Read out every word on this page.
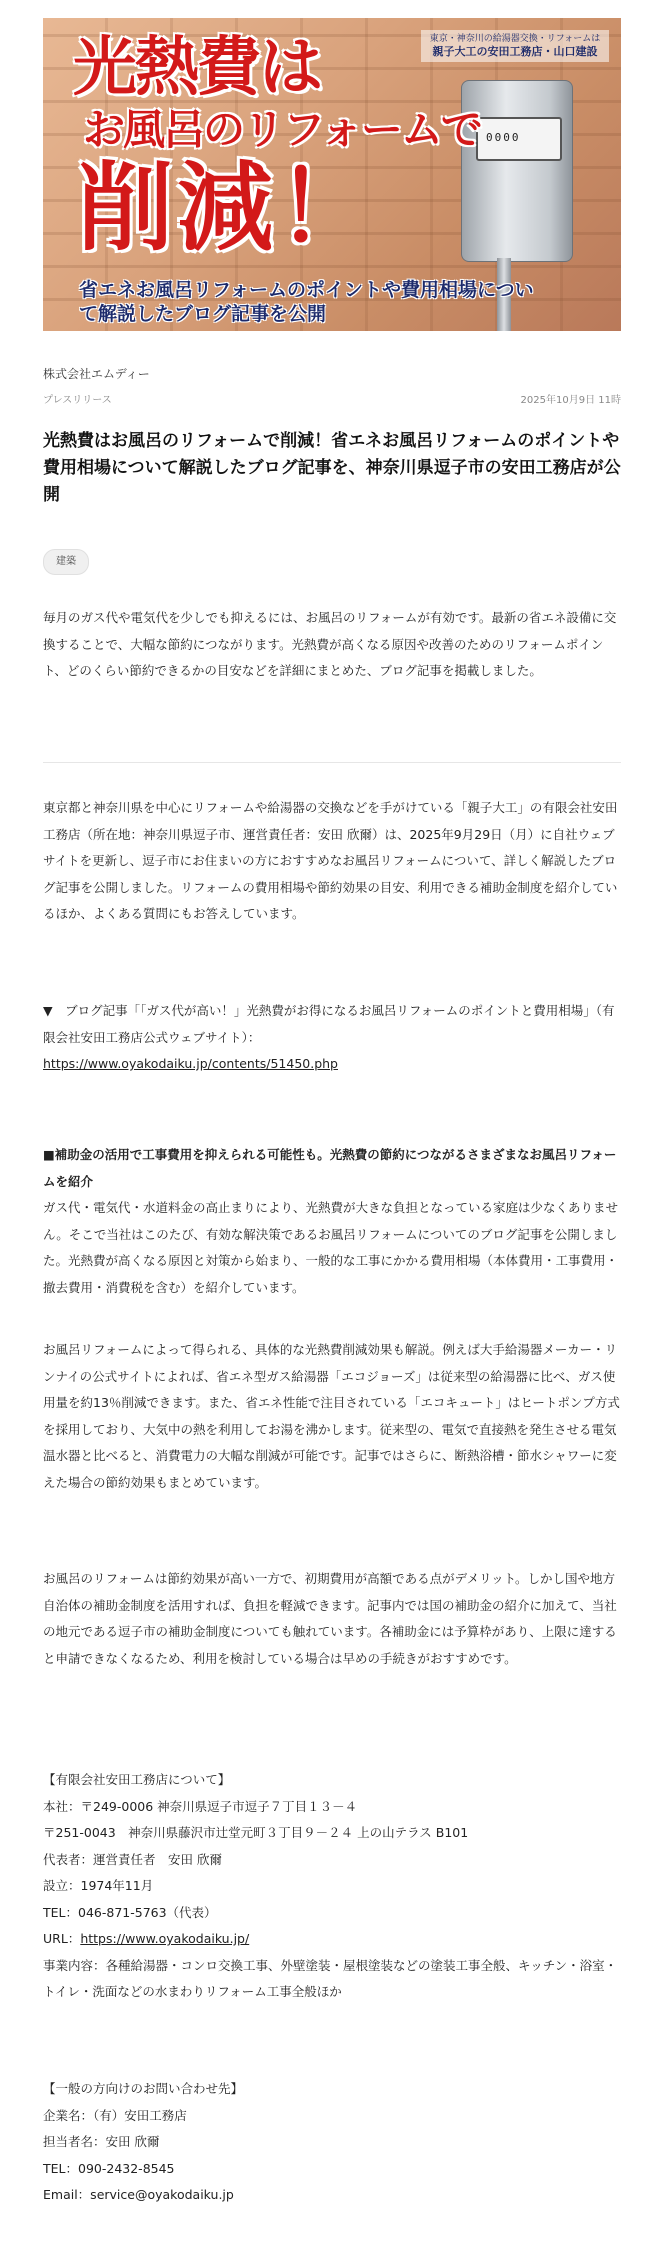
0000
東京・神奈川の給湯器交換・リフォームは
親子大工の安田工務店・山口建設
光熱費は
お風呂のリフォームで
削減！
省エネお風呂リフォームのポイントや費用相場について解説したブログ記事を公開
株式会社エムディー
プレスリリース	2025年10月9日 11時
光熱費はお風呂のリフォームで削減！省エネお風呂リフォームのポイントや費用相場について解説したブログ記事を、神奈川県逗子市の安田工務店が公開
建築

毎月のガス代や電気代を少しでも抑えるには、お風呂のリフォームが有効です。最新の省エネ設備に交換することで、大幅な節約につながります。光熱費が高くなる原因や改善のためのリフォームポイント、どのくらい節約できるかの目安などを詳細にまとめた、ブログ記事を掲載しました。

東京都と神奈川県を中心にリフォームや給湯器の交換などを手がけている「親子大工」の有限会社安田工務店（所在地：神奈川県逗子市、運営責任者：安田 欣爾）は、2025年9月29日（月）に自社ウェブサイトを更新し、逗子市にお住まいの方におすすめなお風呂リフォームについて、詳しく解説したブログ記事を公開しました。リフォームの費用相場や節約効果の目安、利用できる補助金制度を紹介しているほか、よくある質問にもお答えしています。

▼　ブログ記事「「ガス代が高い！」光熱費がお得になるお風呂リフォームのポイントと費用相場」（有限会社安田工務店公式ウェブサイト）：
https://www.oyakodaiku.jp/contents/51450.php

■補助金の活用で工事費用を抑えられる可能性も。光熱費の節約につながるさまざまなお風呂リフォームを紹介

ガス代・電気代・水道料金の高止まりにより、光熱費が大きな負担となっている家庭は少なくありません。そこで当社はこのたび、有効な解決策であるお風呂リフォームについてのブログ記事を公開しました。光熱費が高くなる原因と対策から始まり、一般的な工事にかかる費用相場（本体費用・工事費用・撤去費用・消費税を含む）を紹介しています。

お風呂リフォームによって得られる、具体的な光熱費削減効果も解説。例えば大手給湯器メーカー・リンナイの公式サイトによれば、省エネ型ガス給湯器「エコジョーズ」は従来型の給湯器に比べ、ガス使用量を約13％削減できます。また、省エネ性能で注目されている「エコキュート」はヒートポンプ方式を採用しており、大気中の熱を利用してお湯を沸かします。従来型の、電気で直接熱を発生させる電気温水器と比べると、消費電力の大幅な削減が可能です。記事ではさらに、断熱浴槽・節水シャワーに変えた場合の節約効果もまとめています。

お風呂のリフォームは節約効果が高い一方で、初期費用が高額である点がデメリット。しかし国や地方自治体の補助金制度を活用すれば、負担を軽減できます。記事内では国の補助金の紹介に加えて、当社の地元である逗子市の補助金制度についても触れています。各補助金には予算枠があり、上限に達すると申請できなくなるため、利用を検討している場合は早めの手続きがおすすめです。

【有限会社安田工務店について】
本社：〒249-0006 神奈川県逗子市逗子７丁目１３－４
〒251-0043　神奈川県藤沢市辻堂元町３丁目９－２４ 上の山テラス B101
代表者：運営責任者　安田 欣爾
設立：1974年11月
TEL：046-871-5763（代表）
URL：https://www.oyakodaiku.jp/
事業内容：各種給湯器・コンロ交換工事、外壁塗装・屋根塗装などの塗装工事全般、キッチン・浴室・トイレ・洗面などの水まわりリフォーム工事全般ほか
【一般の方向けのお問い合わせ先】
企業名：（有）安田工務店
担当者名：安田 欣爾
TEL：090-2432-8545
Email：service@oyakodaiku.jp
